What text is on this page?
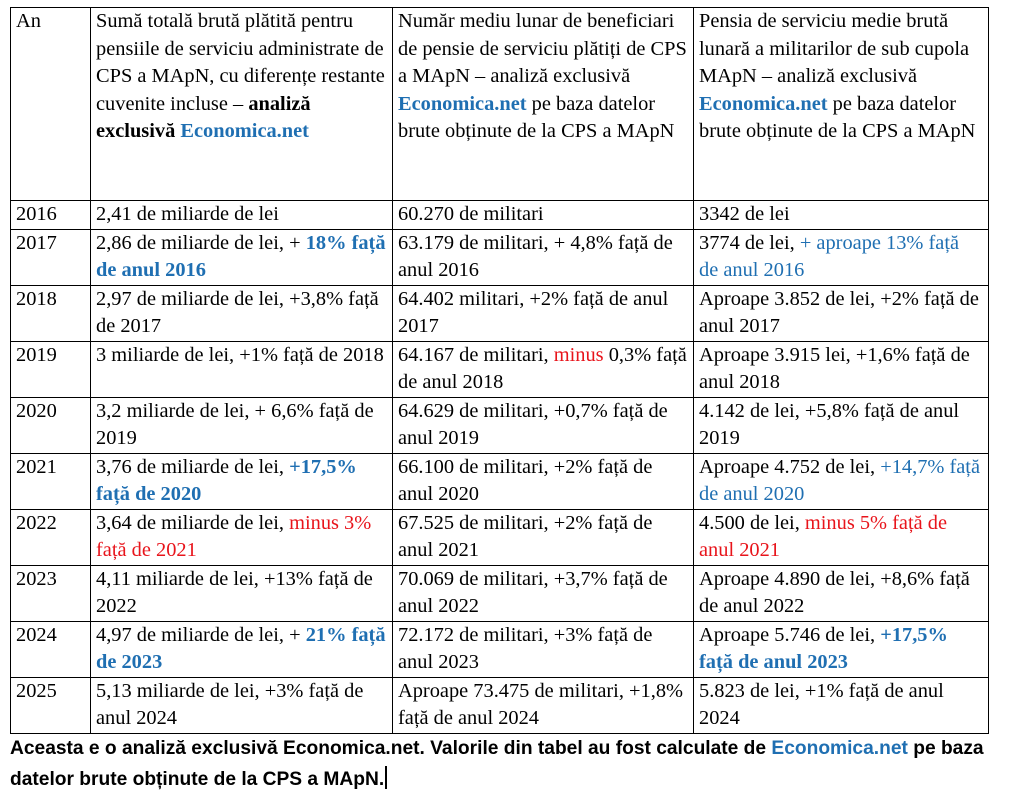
An	Sumă totală brută plătită pentru pensiile de serviciu administrate de CPS a MApN, cu diferențe restante cuvenite incluse – analiză exclusivă Economica.net	Număr mediu lunar de beneficiari de pensie de serviciu plătiți de CPS a MApN – analiză exclusivă Economica.net pe baza datelor brute obținute de la CPS a MApN	Pensia de serviciu medie brută lunară a militarilor de sub cupola MApN – analiză exclusivă Economica.net pe baza datelor brute obținute de la CPS a MApN
2016	2,41 de miliarde de lei	60.270 de militari	3342 de lei
2017	2,86 de miliarde de lei, + 18% față de anul 2016	63.179 de militari, + 4,8% față de anul 2016	3774 de lei, + aproape 13% față de anul 2016
2018	2,97 de miliarde de lei, +3,8% față de 2017	64.402 militari, +2% față de anul 2017	Aproape 3.852 de lei, +2% față de anul 2017
2019	3 miliarde de lei, +1% față de 2018	64.167 de militari, minus 0,3% față de anul 2018	Aproape 3.915 lei, +1,6% față de anul 2018
2020	3,2 miliarde de lei, + 6,6% față de 2019	64.629 de militari, +0,7% față de anul 2019	4.142 de lei, +5,8% față de anul 2019
2021	3,76 de miliarde de lei, +17,5% față de 2020	66.100 de militari, +2% față de anul 2020	Aproape 4.752 de lei, +14,7% față de anul 2020
2022	3,64 de miliarde de lei, minus 3% față de 2021	67.525 de militari, +2% față de anul 2021	4.500 de lei, minus 5% față de anul 2021
2023	4,11 miliarde de lei, +13% față de 2022	70.069 de militari, +3,7% față de anul 2022	Aproape 4.890 de lei, +8,6% față de anul 2022
2024	4,97 de miliarde de lei, + 21% față de 2023	72.172 de militari, +3% față de anul 2023	Aproape 5.746 de lei, +17,5% față de anul 2023
2025	5,13 miliarde de lei, +3% față de anul 2024	Aproape 73.475 de militari, +1,8% față de anul 2024	5.823 de lei, +1% față de anul 2024
Aceasta e o analiză exclusivă Economica.net. Valorile din tabel au fost calculate de Economica.net pe baza datelor brute obținute de la CPS a MApN.
